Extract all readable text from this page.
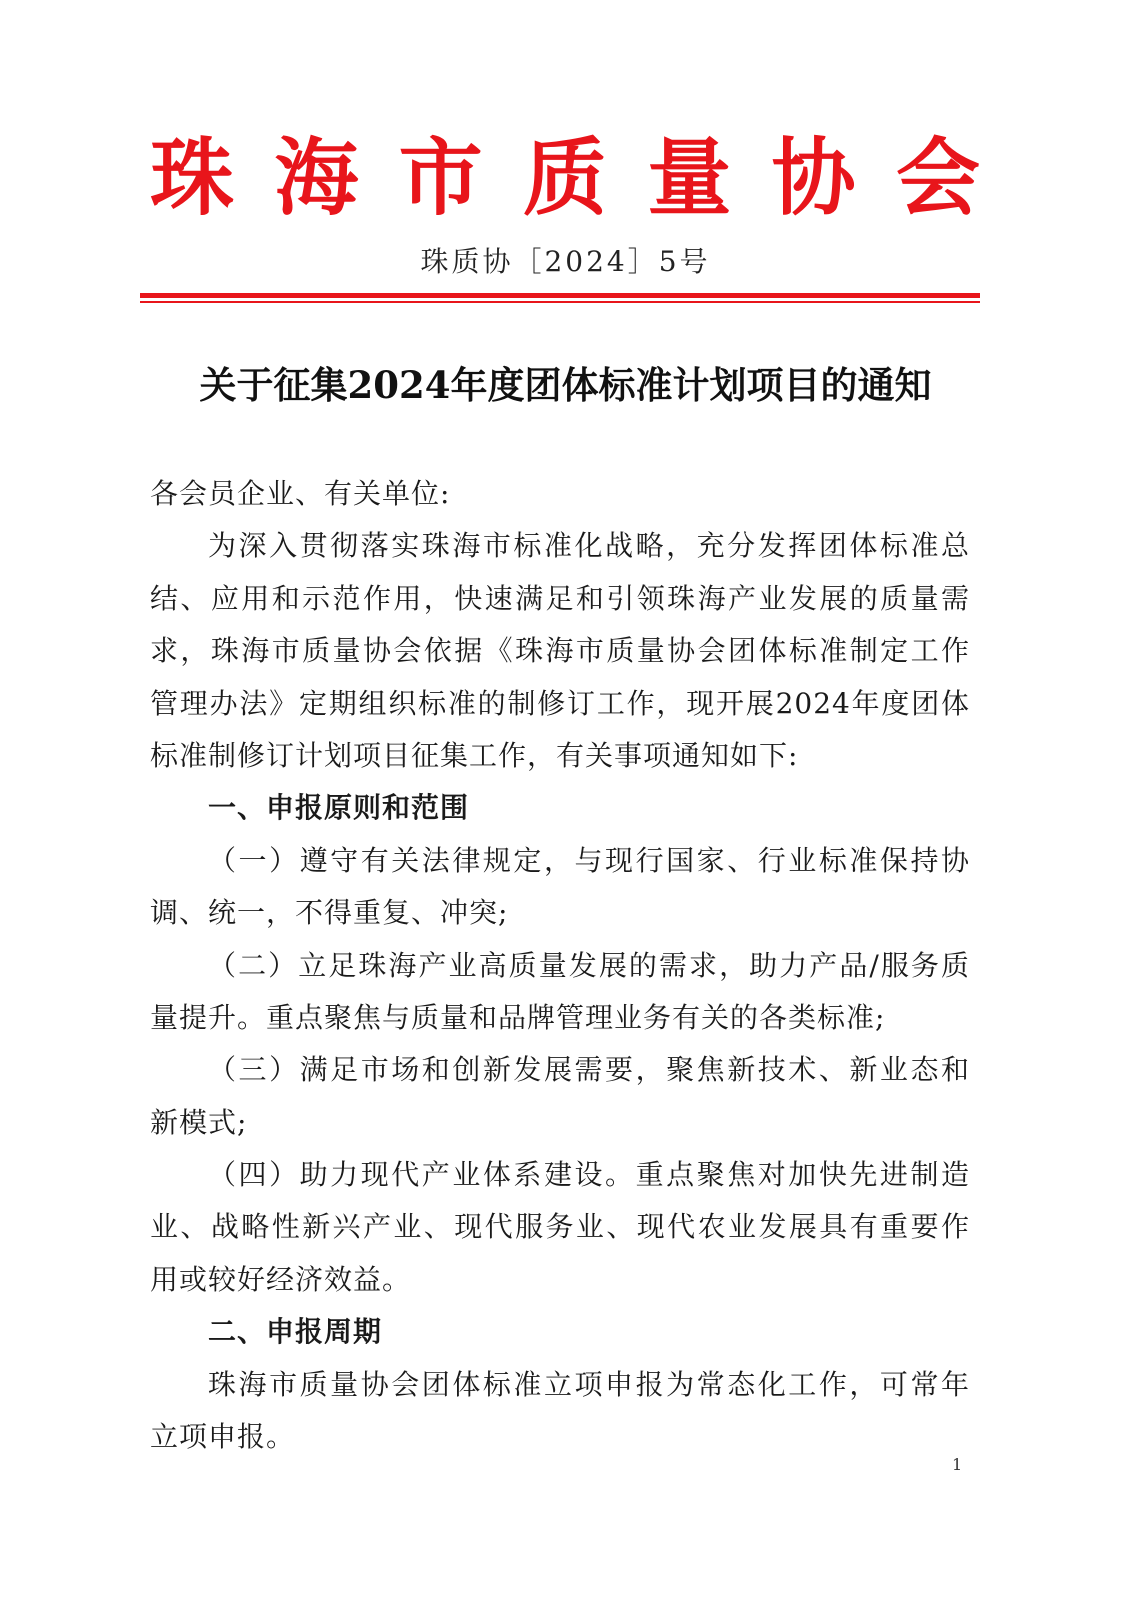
珠 海 市 质 量 协 会
珠质协［2024］5号
关于征集2024年度团体标准计划项目的通知
各会员企业、有关单位:
为深入贯彻落实珠海市标准化战略，充分发挥团体标准总
结、应用和示范作用，快速满足和引领珠海产业发展的质量需
求，珠海市质量协会依据《珠海市质量协会团体标准制定工作
管理办法》定期组织标准的制修订工作，现开展2024年度团体
标准制修订计划项目征集工作，有关事项通知如下:
一、申报原则和范围
（一）遵守有关法律规定，与现行国家、行业标准保持协
调、统一，不得重复、冲突;
（二）立足珠海产业高质量发展的需求，助力产品/服务质
量提升。重点聚焦与质量和品牌管理业务有关的各类标准;
（三）满足市场和创新发展需要，聚焦新技术、新业态和
新模式;
（四）助力现代产业体系建设。重点聚焦对加快先进制造
业、战略性新兴产业、现代服务业、现代农业发展具有重要作
用或较好经济效益。
二、申报周期
珠海市质量协会团体标准立项申报为常态化工作，可常年
立项申报。
1
